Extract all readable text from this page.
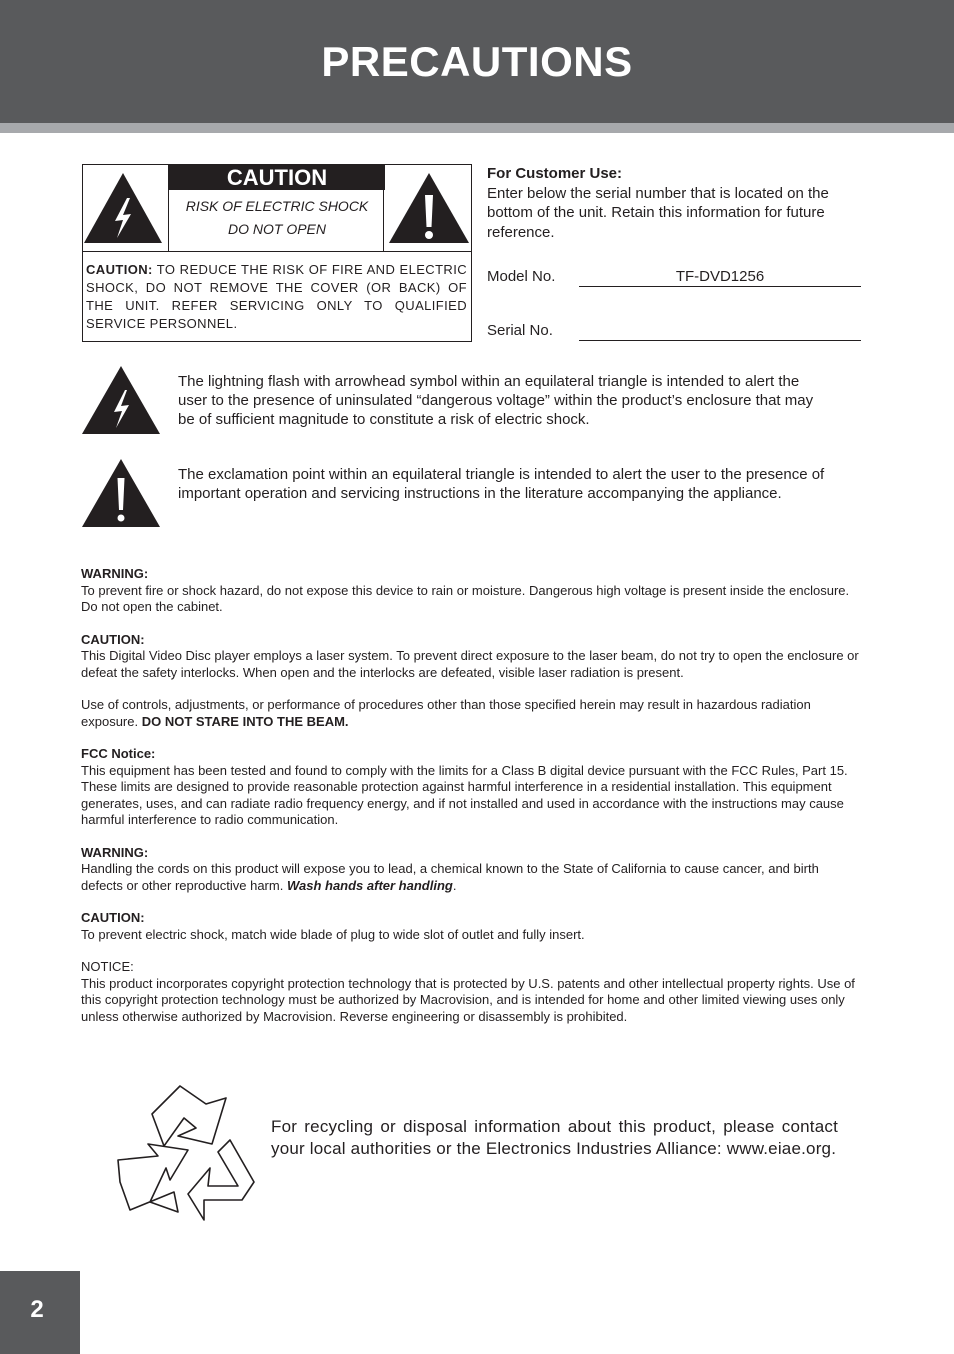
PRECAUTIONS
CAUTION
RISK OF ELECTRIC SHOCK
DO NOT OPEN
CAUTION: TO REDUCE THE RISK OF FIRE AND ELECTRIC SHOCK, DO NOT REMOVE THE COVER (OR BACK) OF THE UNIT. REFER SERVICING ONLY TO QUALIFIED SERVICE PERSONNEL.
For Customer Use:
Enter below the serial number that is located on the bottom of the unit. Retain this information for future reference.
Model No.	TF-DVD1256
Serial No.
The lightning flash with arrowhead symbol within an equilateral triangle is intended to alert the user to the presence of uninsulated “dangerous voltage” within the product’s enclosure that may be of sufficient magnitude to constitute a risk of electric shock.
The exclamation point within an equilateral triangle is intended to alert the user to the presence of important operation and servicing instructions in the literature accompanying the appliance.

WARNING:
To prevent fire or shock hazard, do not expose this device to rain or moisture. Dangerous high voltage is present inside the enclosure. Do not open the cabinet.

CAUTION:
This Digital Video Disc player employs a laser system. To prevent direct exposure to the laser beam, do not try to open the enclosure or defeat the safety interlocks. When open and the interlocks are defeated, visible laser radiation is present.

Use of controls, adjustments, or performance of procedures other than those specified herein may result in hazardous radiation exposure. DO NOT STARE INTO THE BEAM.

FCC Notice:
This equipment has been tested and found to comply with the limits for a Class B digital device pursuant with the FCC Rules, Part 15. These limits are designed to provide reasonable protection against harmful interference in a residential installation. This equipment generates, uses, and can radiate radio frequency energy, and if not installed and used in accordance with the instructions may cause harmful interference to radio communication.

WARNING:
Handling the cords on this product will expose you to lead, a chemical known to the State of California to cause cancer, and birth defects or other reproductive harm. Wash hands after handling.

CAUTION:
To prevent electric shock, match wide blade of plug to wide slot of outlet and fully insert.

NOTICE:
This product incorporates copyright protection technology that is protected by U.S. patents and other intellectual property rights. Use of this copyright protection technology must be authorized by Macrovision, and is intended for home and other limited viewing uses only unless otherwise authorized by Macrovision. Reverse engineering or disassembly is prohibited.

For recycling or disposal information about this product, please contact your local authorities or the Electronics Industries Alliance: www.eiae.org.
2
